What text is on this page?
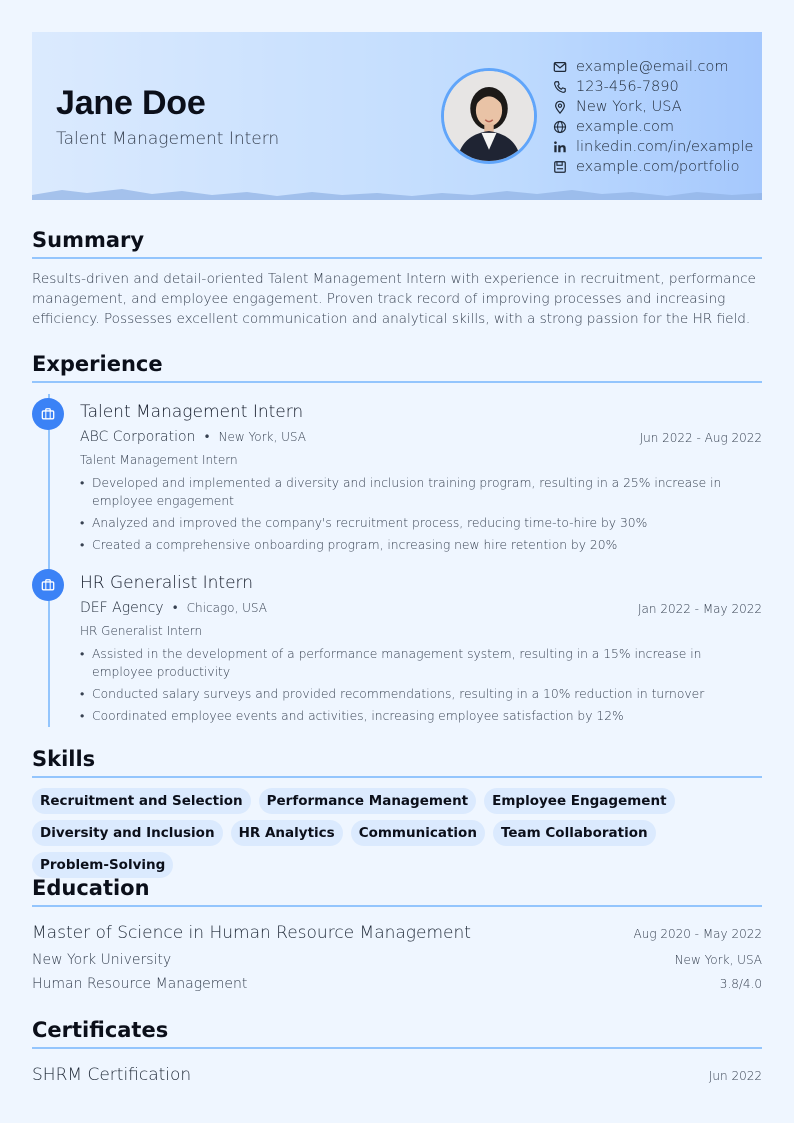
Jane Doe
Talent Management Intern
example@email.com
123-456-7890
New York, USA
example.com
linkedin.com/in/example
example.com/portfolio
Summary
Results-driven and detail-oriented Talent Management Intern with experience in recruitment, performance management, and employee engagement. Proven track record of improving processes and increasing efficiency. Possesses excellent communication and analytical skills, with a strong passion for the HR field.
Experience
Talent Management Intern
ABC Corporation • New York, USA	Jun 2022 - Aug 2022
Talent Management Intern
• Developed and implemented a diversity and inclusion training program, resulting in a 25% increase in employee engagement
• Analyzed and improved the company's recruitment process, reducing time-to-hire by 30%
• Created a comprehensive onboarding program, increasing new hire retention by 20%
HR Generalist Intern
DEF Agency • Chicago, USA	Jan 2022 - May 2022
HR Generalist Intern
• Assisted in the development of a performance management system, resulting in a 15% increase in employee productivity
• Conducted salary surveys and provided recommendations, resulting in a 10% reduction in turnover
• Coordinated employee events and activities, increasing employee satisfaction by 12%
Skills
Recruitment and Selection	Performance Management	Employee Engagement
Diversity and Inclusion	HR Analytics	Communication	Team Collaboration
Problem-Solving
Education
Master of Science in Human Resource Management	Aug 2020 - May 2022
New York University	New York, USA
Human Resource Management	3.8/4.0
Certificates
SHRM Certification	Jun 2022
